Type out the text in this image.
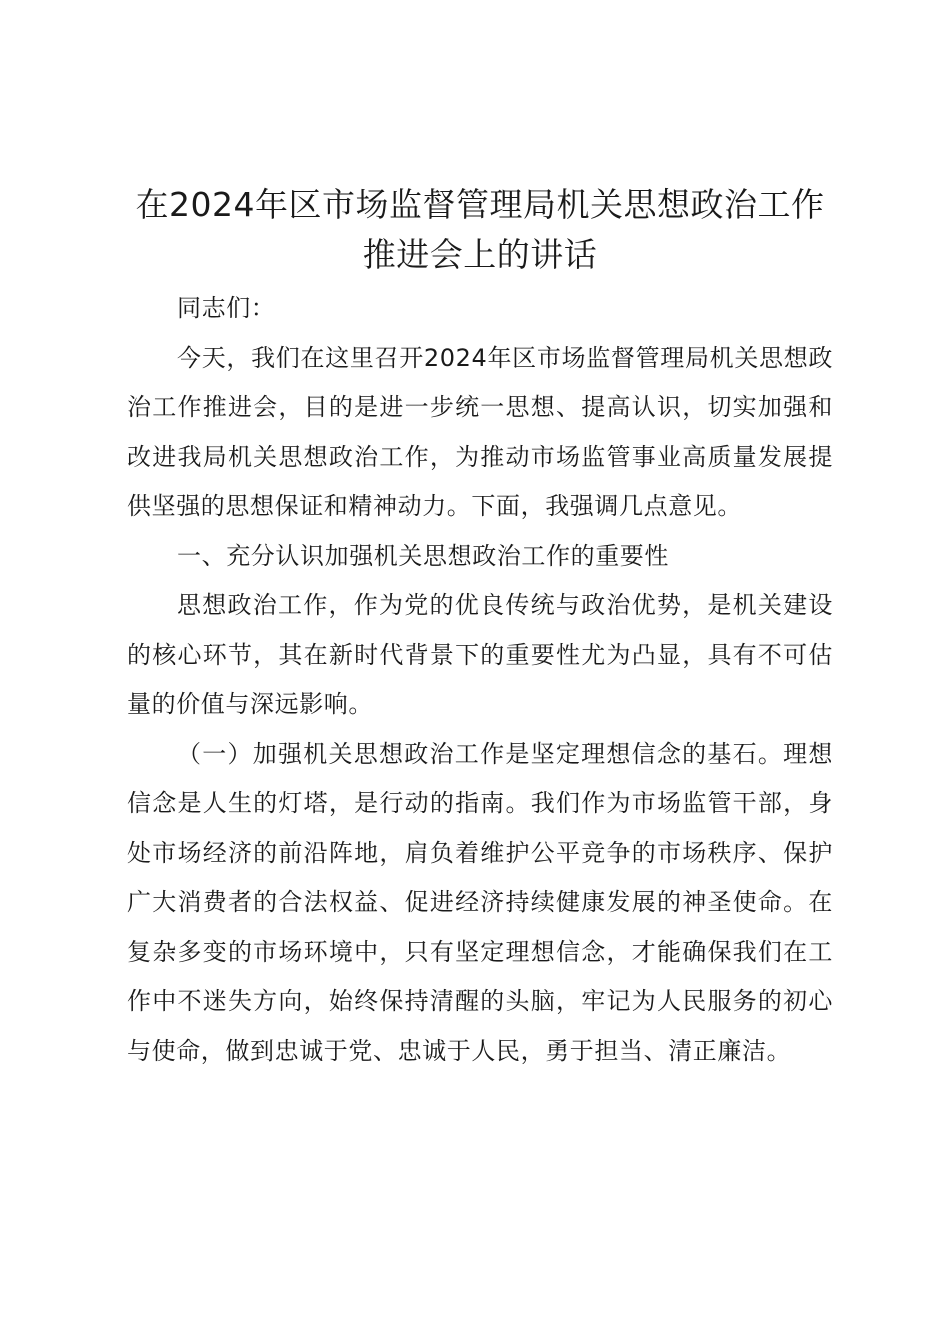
在2024年区市场监督管理局机关思想政治工作推进会上的讲话

同志们：

今天，我们在这里召开2024年区市场监督管理局机关思想政治工作推进会，目的是进一步统一思想、提高认识，切实加强和改进我局机关思想政治工作，为推动市场监管事业高质量发展提供坚强的思想保证和精神动力。下面，我强调几点意见。

一、充分认识加强机关思想政治工作的重要性

思想政治工作，作为党的优良传统与政治优势，是机关建设的核心环节，其在新时代背景下的重要性尤为凸显，具有不可估量的价值与深远影响。

（一）加强机关思想政治工作是坚定理想信念的基石。理想信念是人生的灯塔，是行动的指南。我们作为市场监管干部，身处市场经济的前沿阵地，肩负着维护公平竞争的市场秩序、保护广大消费者的合法权益、促进经济持续健康发展的神圣使命。在复杂多变的市场环境中，只有坚定理想信念，才能确保我们在工作中不迷失方向，始终保持清醒的头脑，牢记为人民服务的初心与使命，做到忠诚于党、忠诚于人民，勇于担当、清正廉洁。
